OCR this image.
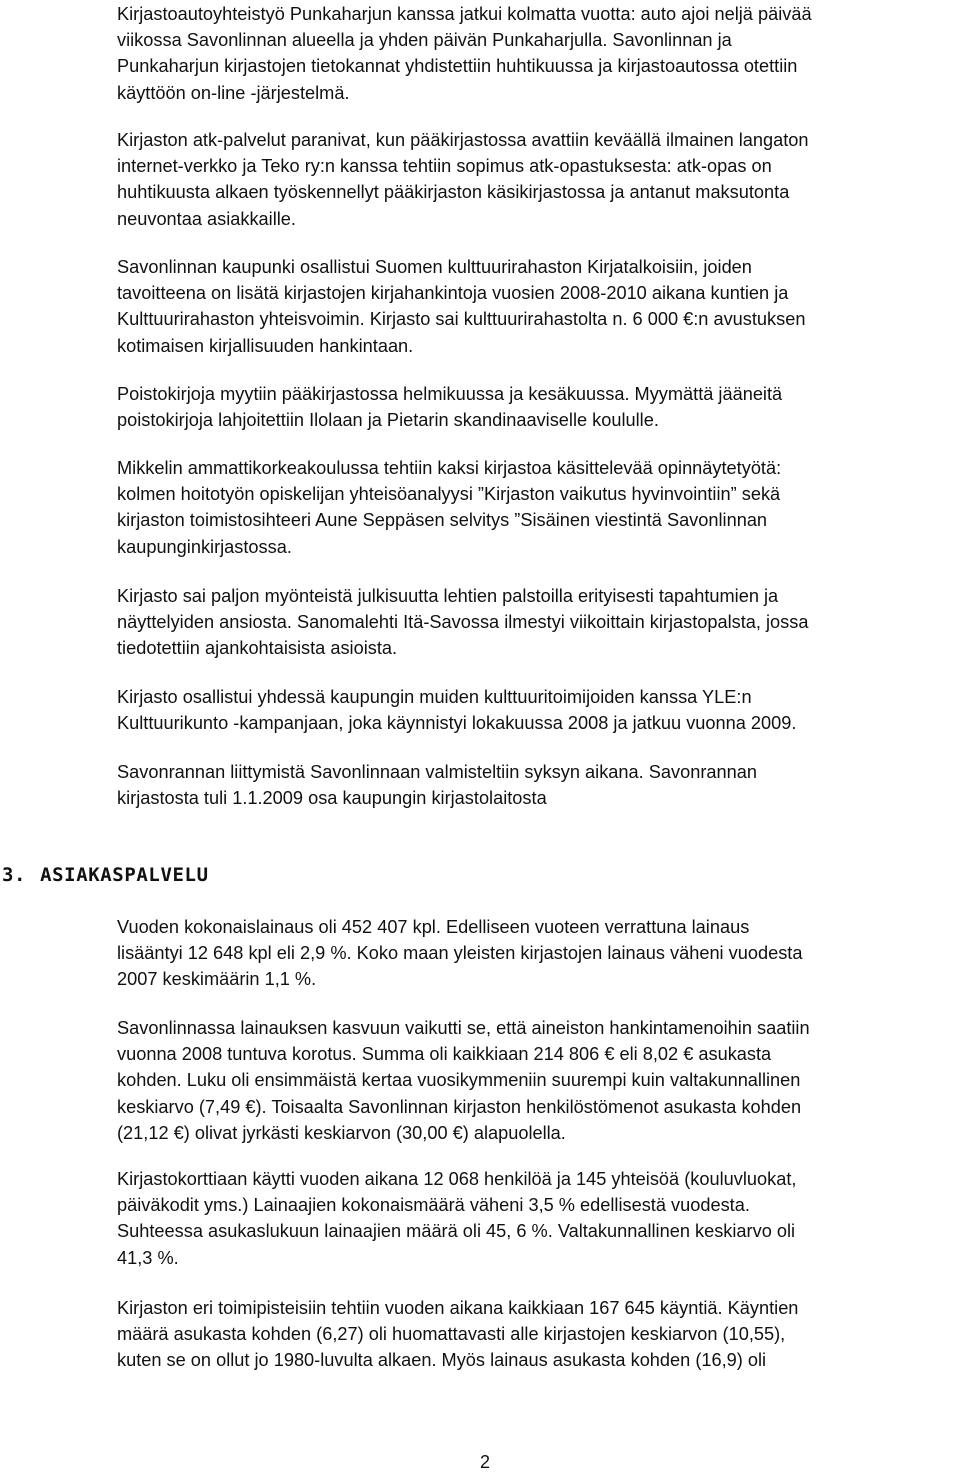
Kirjastoautoyhteistyö Punkaharjun kanssa jatkui kolmatta vuotta: auto ajoi neljä päivää
viikossa Savonlinnan alueella ja yhden päivän Punkaharjulla. Savonlinnan ja
Punkaharjun kirjastojen tietokannat yhdistettiin huhtikuussa ja kirjastoautossa otettiin
käyttöön on-line -järjestelmä.

Kirjaston atk-palvelut paranivat, kun pääkirjastossa avattiin keväällä ilmainen langaton
internet-verkko ja Teko ry:n kanssa tehtiin sopimus atk-opastuksesta: atk-opas on
huhtikuusta alkaen työskennellyt pääkirjaston käsikirjastossa ja antanut maksutonta
neuvontaa asiakkaille.

Savonlinnan kaupunki osallistui Suomen kulttuurirahaston Kirjatalkoisiin, joiden
tavoitteena on lisätä kirjastojen kirjahankintoja vuosien 2008-2010 aikana kuntien ja
Kulttuurirahaston yhteisvoimin. Kirjasto sai kulttuurirahastolta n. 6 000 €:n avustuksen
kotimaisen kirjallisuuden hankintaan.

Poistokirjoja myytiin pääkirjastossa helmikuussa ja kesäkuussa. Myymättä jääneitä
poistokirjoja lahjoitettiin Ilolaan ja Pietarin skandinaaviselle koululle.

Mikkelin ammattikorkeakoulussa tehtiin kaksi kirjastoa käsittelevää opinnäytetyötä:
kolmen hoitotyön opiskelijan yhteisöanalyysi ”Kirjaston vaikutus hyvinvointiin” sekä
kirjaston toimistosihteeri Aune Seppäsen selvitys ”Sisäinen viestintä Savonlinnan
kaupunginkirjastossa.

Kirjasto sai paljon myönteistä julkisuutta lehtien palstoilla erityisesti tapahtumien ja
näyttelyiden ansiosta. Sanomalehti Itä-Savossa ilmestyi viikoittain kirjastopalsta, jossa
tiedotettiin ajankohtaisista asioista.

Kirjasto osallistui yhdessä kaupungin muiden kulttuuritoimijoiden kanssa YLE:n
Kulttuurikunto -kampanjaan, joka käynnistyi lokakuussa 2008 ja jatkuu vuonna 2009.

Savonrannan liittymistä Savonlinnaan valmisteltiin syksyn aikana. Savonrannan
kirjastosta tuli 1.1.2009 osa kaupungin kirjastolaitosta

3. ASIAKASPALVELU

Vuoden kokonaislainaus oli 452 407 kpl. Edelliseen vuoteen verrattuna lainaus
lisääntyi 12 648 kpl eli 2,9 %. Koko maan yleisten kirjastojen lainaus väheni vuodesta
2007 keskimäärin 1,1 %.

Savonlinnassa lainauksen kasvuun vaikutti se, että aineiston hankintamenoihin saatiin
vuonna 2008 tuntuva korotus. Summa oli kaikkiaan 214 806 € eli 8,02 € asukasta
kohden. Luku oli ensimmäistä kertaa vuosikymmeniin suurempi kuin valtakunnallinen
keskiarvo (7,49 €). Toisaalta Savonlinnan kirjaston henkilöstömenot asukasta kohden
(21,12 €) olivat jyrkästi keskiarvon (30,00 €) alapuolella.

Kirjastokorttiaan käytti vuoden aikana 12 068 henkilöä ja 145 yhteisöä (kouluvluokat,
päiväkodit yms.) Lainaajien kokonaismäärä väheni 3,5 % edellisestä vuodesta.
Suhteessa asukaslukuun lainaajien määrä oli 45, 6 %. Valtakunnallinen keskiarvo oli
41,3 %.

Kirjaston eri toimipisteisiin tehtiin vuoden aikana kaikkiaan 167 645 käyntiä. Käyntien
määrä asukasta kohden (6,27) oli huomattavasti alle kirjastojen keskiarvon (10,55),
kuten se on ollut jo 1980-luvulta alkaen. Myös lainaus asukasta kohden (16,9) oli

2
